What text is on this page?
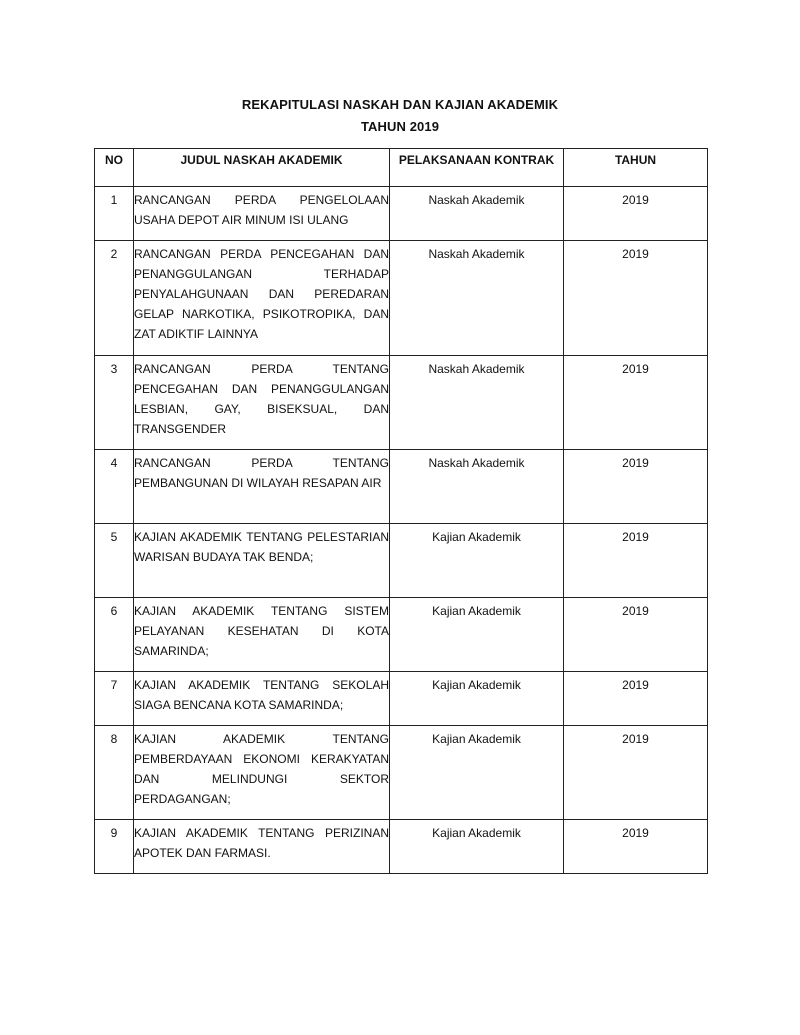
REKAPITULASI NASKAH DAN KAJIAN AKADEMIK
TAHUN 2019
NO	JUDUL NASKAH AKADEMIK	PELAKSANAAN KONTRAK	TAHUN
1	RANCANGAN PERDA PENGELOLAAN USAHA DEPOT AIR MINUM ISI ULANG	Naskah Akademik	2019
2	RANCANGAN PERDA PENCEGAHAN DAN PENANGGULANGAN TERHADAP PENYALAHGUNAAN DAN PEREDARAN GELAP NARKOTIKA, PSIKOTROPIKA, DAN ZAT ADIKTIF LAINNYA	Naskah Akademik	2019
3	RANCANGAN PERDA TENTANG PENCEGAHAN DAN PENANGGULANGAN LESBIAN, GAY, BISEKSUAL, DAN TRANSGENDER	Naskah Akademik	2019
4	RANCANGAN PERDA TENTANG PEMBANGUNAN DI WILAYAH RESAPAN AIR	Naskah Akademik	2019
5	KAJIAN AKADEMIK TENTANG PELESTARIAN WARISAN BUDAYA TAK BENDA;	Kajian Akademik	2019
6	KAJIAN AKADEMIK TENTANG SISTEM PELAYANAN KESEHATAN DI KOTA SAMARINDA;	Kajian Akademik	2019
7	KAJIAN AKADEMIK TENTANG SEKOLAH SIAGA BENCANA KOTA SAMARINDA;	Kajian Akademik	2019
8	KAJIAN AKADEMIK TENTANG PEMBERDAYAAN EKONOMI KERAKYATAN DAN MELINDUNGI SEKTOR PERDAGANGAN;	Kajian Akademik	2019
9	KAJIAN AKADEMIK TENTANG PERIZINAN APOTEK DAN FARMASI.	Kajian Akademik	2019
